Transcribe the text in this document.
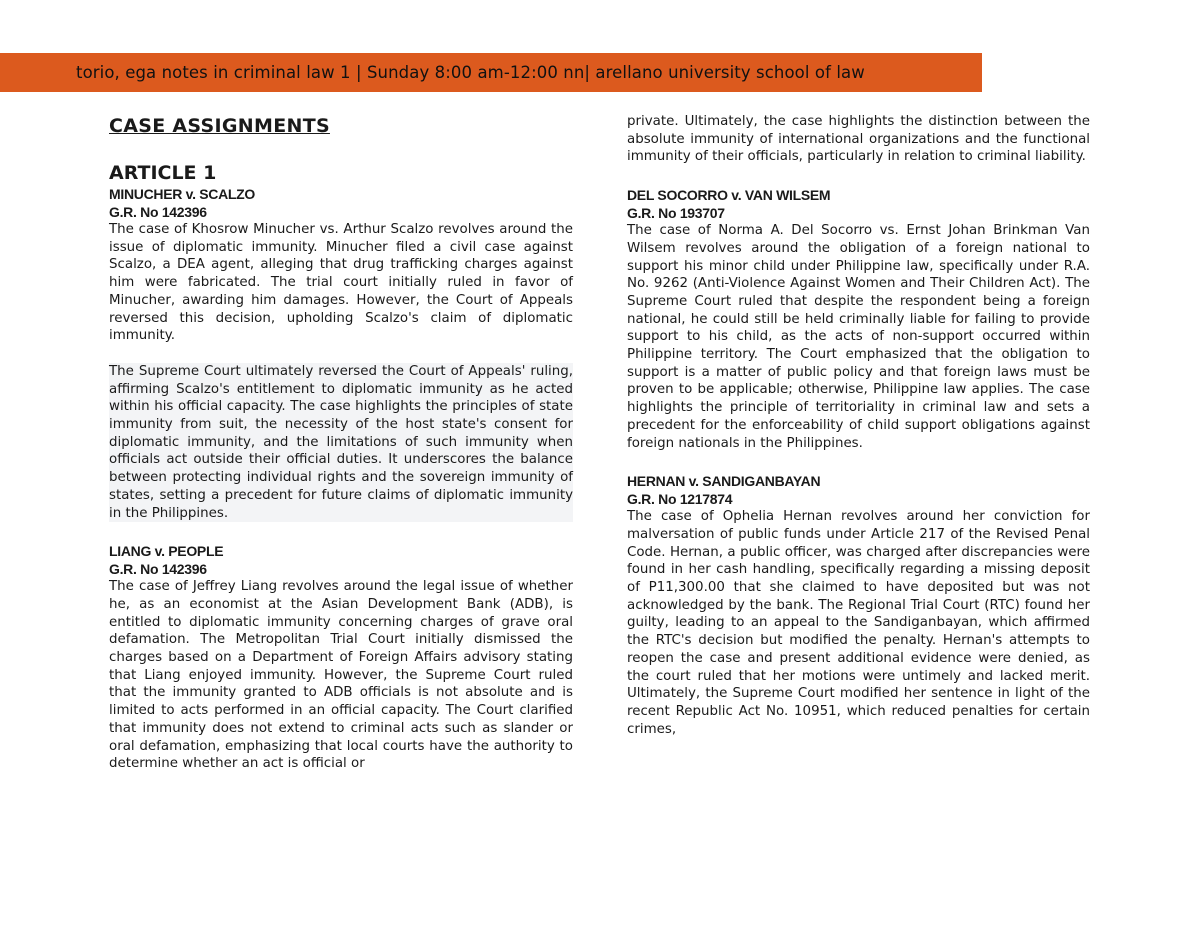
torio, ega notes in criminal law 1 | Sunday 8:00 am-12:00 nn| arellano university school of law
CASE ASSIGNMENTS
ARTICLE 1
MINUCHER v. SCALZO
G.R. No 142396

The case of Khosrow Minucher vs. Arthur Scalzo revolves around the issue of diplomatic immunity. Minucher filed a civil case against Scalzo, a DEA agent, alleging that drug trafficking charges against him were fabricated. The trial court initially ruled in favor of Minucher, awarding him damages. However, the Court of Appeals reversed this decision, upholding Scalzo's claim of diplomatic immunity.

The Supreme Court ultimately reversed the Court of Appeals' ruling, affirming Scalzo's entitlement to diplomatic immunity as he acted within his official capacity. The case highlights the principles of state immunity from suit, the necessity of the host state's consent for diplomatic immunity, and the limitations of such immunity when officials act outside their official duties. It underscores the balance between protecting individual rights and the sovereign immunity of states, setting a precedent for future claims of diplomatic immunity in the Philippines.

LIANG v. PEOPLE
G.R. No 142396

The case of Jeffrey Liang revolves around the legal issue of whether he, as an economist at the Asian Development Bank (ADB), is entitled to diplomatic immunity concerning charges of grave oral defamation. The Metropolitan Trial Court initially dismissed the charges based on a Department of Foreign Affairs advisory stating that Liang enjoyed immunity. However, the Supreme Court ruled that the immunity granted to ADB officials is not absolute and is limited to acts performed in an official capacity. The Court clarified that immunity does not extend to criminal acts such as slander or oral defamation, emphasizing that local courts have the authority to determine whether an act is official or

private. Ultimately, the case highlights the distinction between the absolute immunity of international organizations and the functional immunity of their officials, particularly in relation to criminal liability.

DEL SOCORRO v. VAN WILSEM
G.R. No 193707

The case of Norma A. Del Socorro vs. Ernst Johan Brinkman Van Wilsem revolves around the obligation of a foreign national to support his minor child under Philippine law, specifically under R.A. No. 9262 (Anti-Violence Against Women and Their Children Act). The Supreme Court ruled that despite the respondent being a foreign national, he could still be held criminally liable for failing to provide support to his child, as the acts of non-support occurred within Philippine territory. The Court emphasized that the obligation to support is a matter of public policy and that foreign laws must be proven to be applicable; otherwise, Philippine law applies. The case highlights the principle of territoriality in criminal law and sets a precedent for the enforceability of child support obligations against foreign nationals in the Philippines.

HERNAN v. SANDIGANBAYAN
G.R. No 1217874

The case of Ophelia Hernan revolves around her conviction for malversation of public funds under Article 217 of the Revised Penal Code. Hernan, a public officer, was charged after discrepancies were found in her cash handling, specifically regarding a missing deposit of P11,300.00 that she claimed to have deposited but was not acknowledged by the bank. The Regional Trial Court (RTC) found her guilty, leading to an appeal to the Sandiganbayan, which affirmed the RTC's decision but modified the penalty. Hernan's attempts to reopen the case and present additional evidence were denied, as the court ruled that her motions were untimely and lacked merit. Ultimately, the Supreme Court modified her sentence in light of the recent Republic Act No. 10951, which reduced penalties for certain crimes,
